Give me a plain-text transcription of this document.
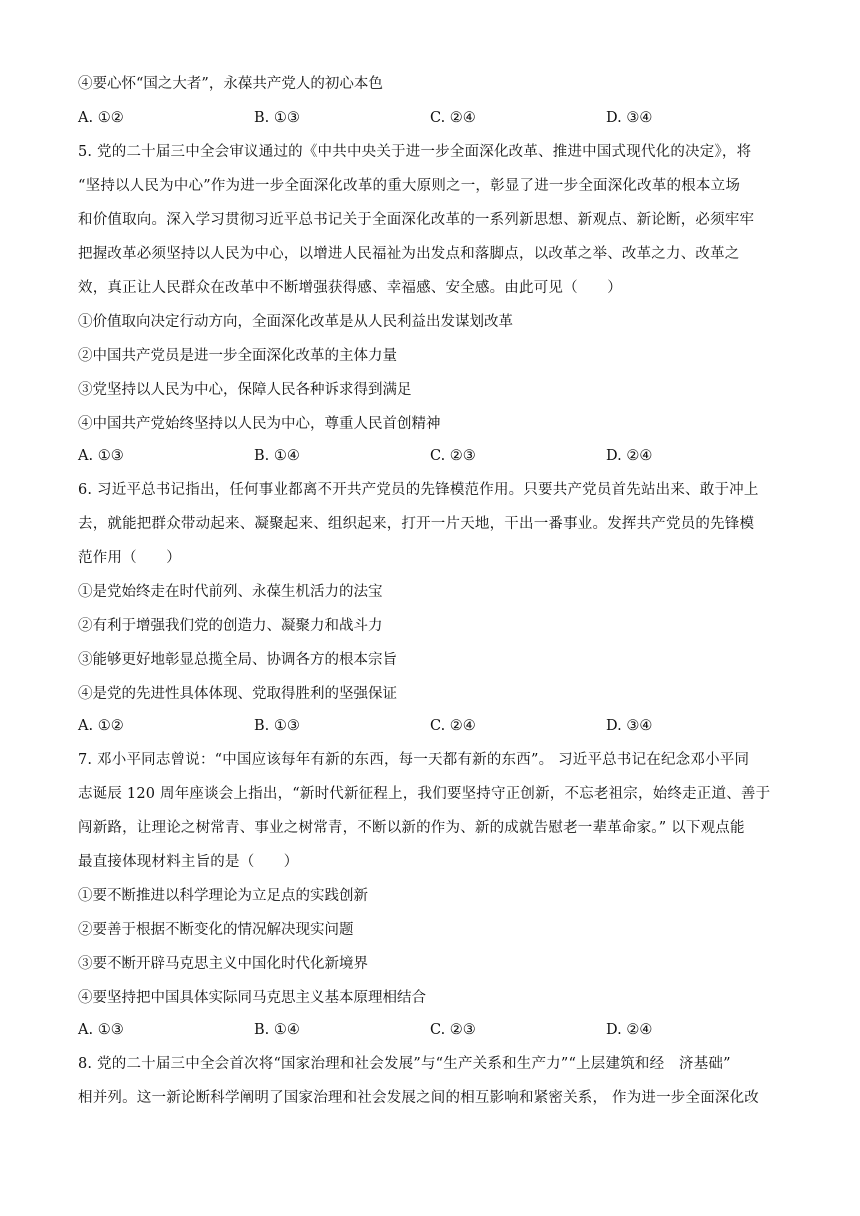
④要心怀“国之大者”，永葆共产党人的初心本色
A. ①②	B. ①③	C. ②④	D. ③④
5. 党的二十届三中全会审议通过的《中共中央关于进一步全面深化改革、推进中国式现代化的决定》，将
“坚持以人民为中心”作为进一步全面深化改革的重大原则之一，彰显了进一步全面深化改革的根本立场
和价值取向。深入学习贯彻习近平总书记关于全面深化改革的一系列新思想、新观点、新论断，必须牢牢
把握改革必须坚持以人民为中心，以增进人民福祉为出发点和落脚点，以改革之举、改革之力、改革之
效，真正让人民群众在改革中不断增强获得感、幸福感、安全感。由此可见（　　）
①价值取向决定行动方向，全面深化改革是从人民利益出发谋划改革
②中国共产党员是进一步全面深化改革的主体力量
③党坚持以人民为中心，保障人民各种诉求得到满足
④中国共产党始终坚持以人民为中心，尊重人民首创精神
A. ①③	B. ①④	C. ②③	D. ②④
6. 习近平总书记指出，任何事业都离不开共产党员的先锋模范作用。只要共产党员首先站出来、敢于冲上
去，就能把群众带动起来、凝聚起来、组织起来，打开一片天地，干出一番事业。发挥共产党员的先锋模
范作用（　　）
①是党始终走在时代前列、永葆生机活力的法宝
②有利于增强我们党的创造力、凝聚力和战斗力
③能够更好地彰显总揽全局、协调各方的根本宗旨
④是党的先进性具体体现、党取得胜利的坚强保证
A. ①②	B. ①③	C. ②④	D. ③④
7. 邓小平同志曾说：“中国应该每年有新的东西，每一天都有新的东西”。 习近平总书记在纪念邓小平同
志诞辰 120 周年座谈会上指出，“新时代新征程上，我们要坚持守正创新，不忘老祖宗，始终走正道、善于
闯新路，让理论之树常青、事业之树常青，不断以新的作为、新的成就告慰老一辈革命家。” 以下观点能
最直接体现材料主旨的是（　　）
①要不断推进以科学理论为立足点的实践创新
②要善于根据不断变化的情况解决现实问题
③要不断开辟马克思主义中国化时代化新境界
④要坚持把中国具体实际同马克思主义基本原理相结合
A. ①③	B. ①④	C. ②③	D. ②④
8. 党的二十届三中全会首次将“国家治理和社会发展”与“生产关系和生产力”“上层建筑和经　济基础”
相并列。这一新论断科学阐明了国家治理和社会发展之间的相互影响和紧密关系， 作为进一步全面深化改
